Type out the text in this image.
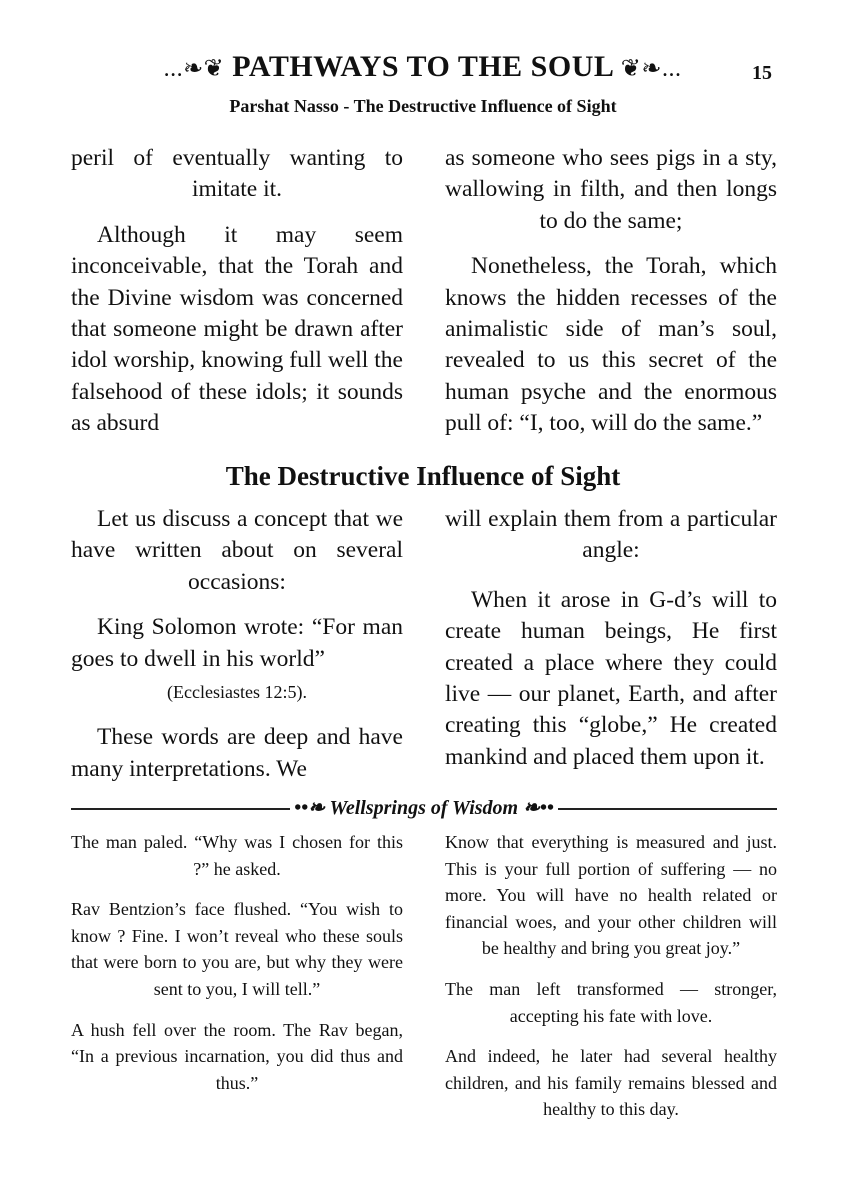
...❧❦ PATHWAYS TO THE SOUL ❦❧...	15
Parshat Nasso - The Destructive Influence of Sight

peril of eventually wanting to imitate it.

Although it may seem inconceivable, that the Torah and the Divine wisdom was concerned that someone might be drawn after idol worship, knowing full well the falsehood of these idols; it sounds as absurd

as someone who sees pigs in a sty, wallowing in filth, and then longs to do the same;

Nonetheless, the Torah, which knows the hidden recesses of the animalistic side of man’s soul, revealed to us this secret of the human psyche and the enormous pull of: “I, too, will do the same.”

The Destructive Influence of Sight

Let us discuss a concept that we have written about on several occasions:

King Solomon wrote: “For man goes to dwell in his world”

(Ecclesiastes 12:5).

These words are deep and have many interpretations. We

will explain them from a particular angle:

When it arose in G-d’s will to create human beings, He first created a place where they could live — our planet, Earth, and after creating this “globe,” He created mankind and placed them upon it.

••❧ Wellsprings of Wisdom ❧••

The man paled. “Why was I chosen for this ?” he asked.

Rav Bentzion’s face flushed. “You wish to know ? Fine. I won’t reveal who these souls that were born to you are, but why they were sent to you, I will tell.”

A hush fell over the room. The Rav began, “In a previous incarnation, you did thus and thus.”

Know that everything is measured and just. This is your full portion of suffering — no more. You will have no health related or financial woes, and your other children will be healthy and bring you great joy.”

The man left transformed — stronger, accepting his fate with love.

And indeed, he later had several healthy children, and his family remains blessed and healthy to this day.
